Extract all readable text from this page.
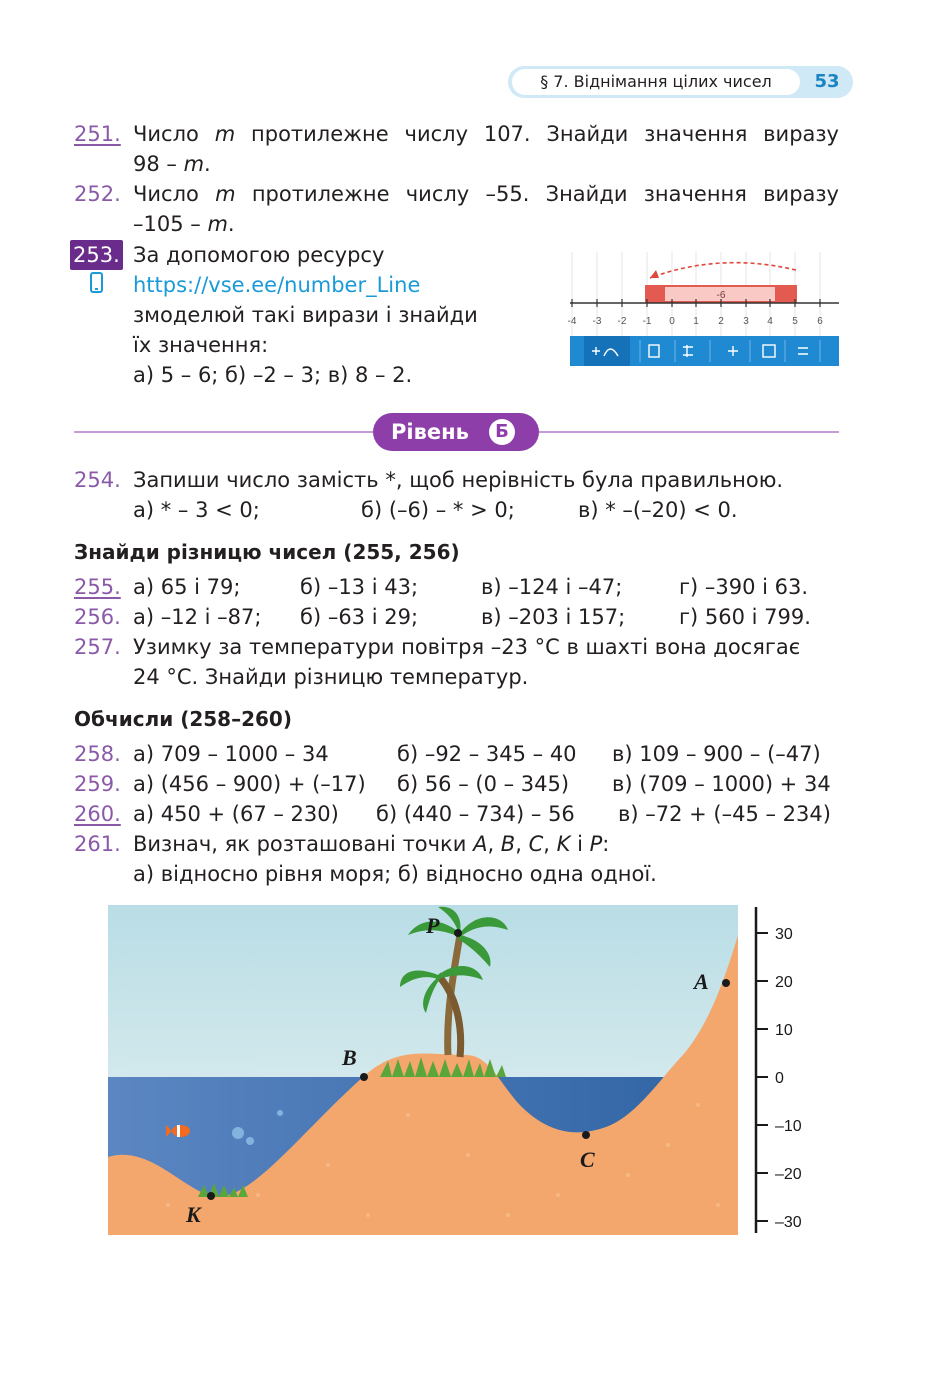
§ 7. Віднімання цілих чисел	53
251. Число m протилежне числу 107. Знайди значення виразу
98 – m.
252. Число m протилежне числу –55. Знайди значення виразу
–105 – m.
253. За допомогою ресурсу
https://vse.ee/number_Line
змоделюй такі вирази і знайди
їх значення:
а) 5 – 6; б) –2 – 3; в) 8 – 2.
-6
-4 -3 -2 -1 0 1 2 3 4 5 6
Рівень	Б
254. Запиши число замість *, щоб нерівність була правильною.
а) * – 3 < 0;	б) (–6) – * > 0;	в) * –(–20) < 0.
Знайди різницю чисел (255, 256)
255. а) 65 і 79;	б) –13 і 43;	в) –124 і –47;	г) –390 і 63.
256. а) –12 і –87; б) –63 і 29;	в) –203 і 157;	г) 560 і 799.
257. Узимку за температури повітря –23 °С в шахті вона досягає
24 °С. Знайди різницю температур.
Обчисли (258–260)
258. а) 709 – 1000 – 34	б) –92 – 345 – 40 в) 109 – 900 – (–47)
259. а) (456 – 900) + (–17) б) 56 – (0 – 345) в) (709 – 1000) + 34
260. а) 450 + (67 – 230) б) (440 – 734) – 56 в) –72 + (–45 – 234)
261. Визнач, як розташовані точки A, B, C, K і P:
а) відносно рівня моря; б) відносно одна одної.
P
A
B
C
K
30
20
10
0
–10
–20
–30
